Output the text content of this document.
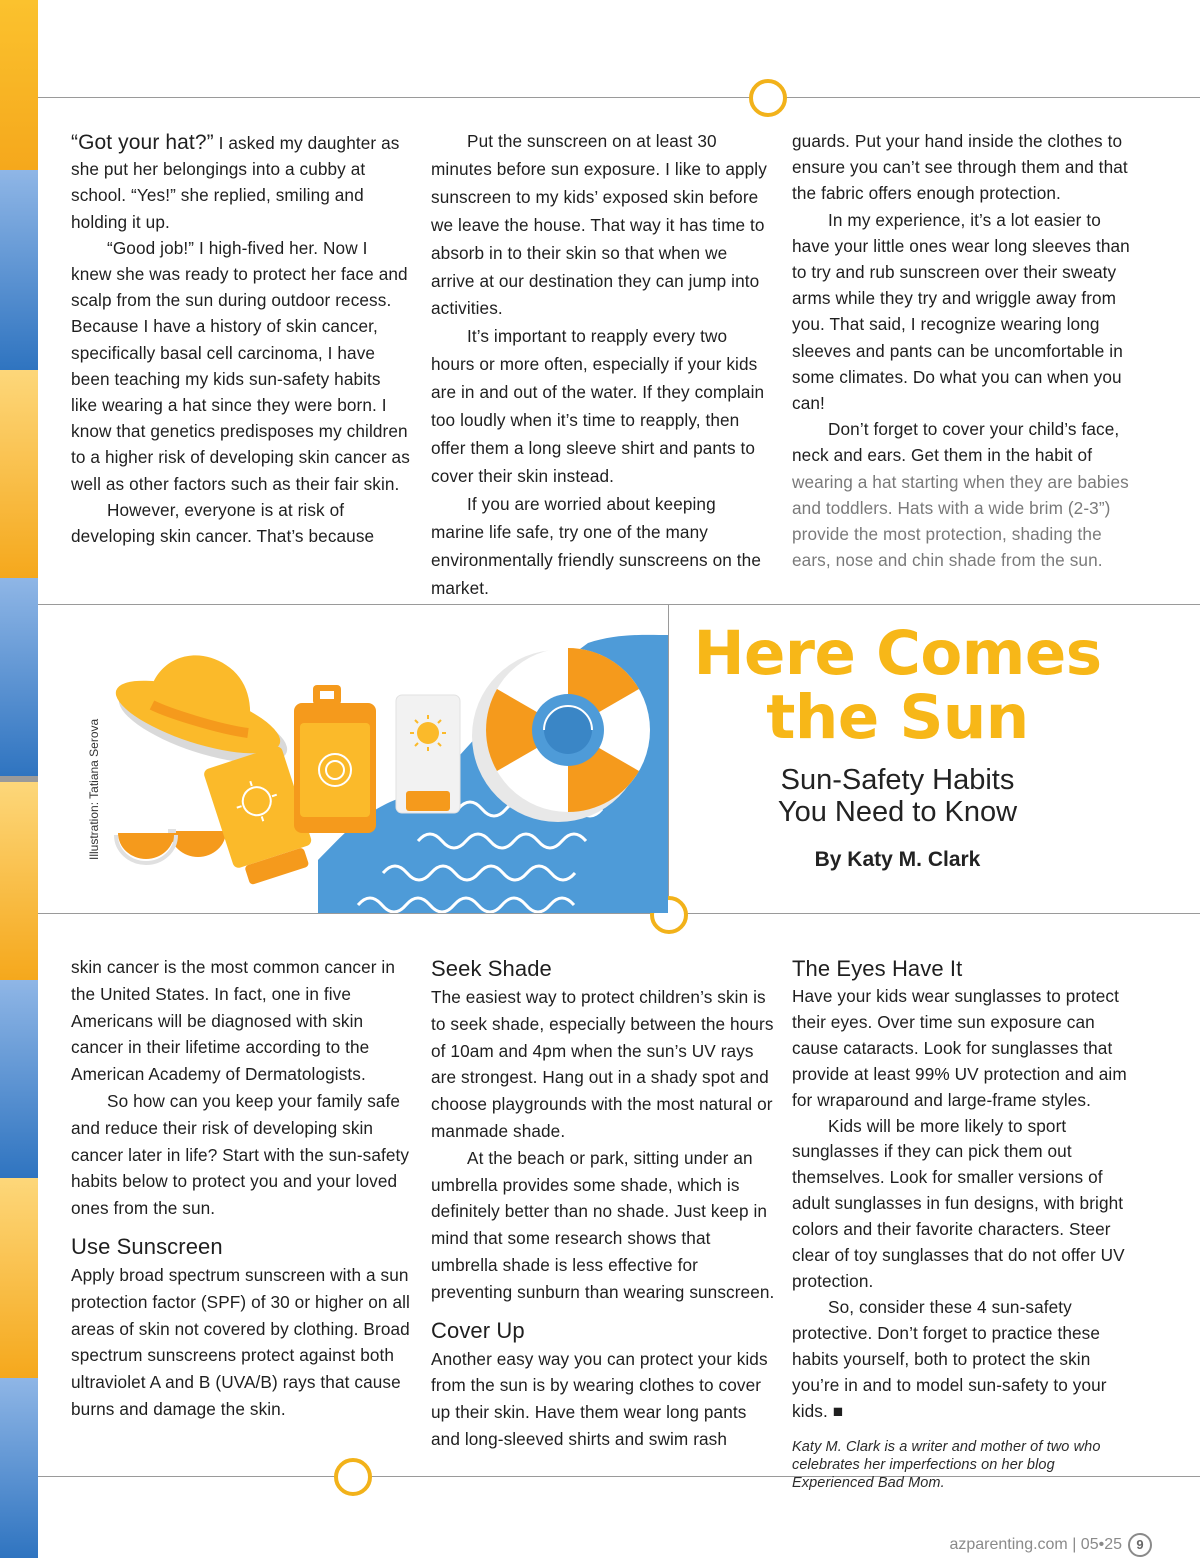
“Got your hat?” I asked my daughter as she put her belongings into a cubby at school. “Yes!” she replied, smiling and holding it up.

“Good job!” I high-fived her. Now I knew she was ready to protect her face and scalp from the sun during outdoor recess. Because I have a history of skin cancer, specifically basal cell carcinoma, I have been teaching my kids sun-safety habits like wearing a hat since they were born. I know that genetics predisposes my children to a higher risk of developing skin cancer as well as other factors such as their fair skin.

However, everyone is at risk of developing skin cancer. That’s because

Put the sunscreen on at least 30 minutes before sun exposure. I like to apply sunscreen to my kids’ exposed skin before we leave the house. That way it has time to absorb in to their skin so that when we arrive at our destination they can jump into activities.

It’s important to reapply every two hours or more often, especially if your kids are in and out of the water. If they complain too loudly when it’s time to reapply, then offer them a long sleeve shirt and pants to cover their skin instead.

If you are worried about keeping marine life safe, try one of the many environmentally friendly sunscreens on the market.

guards. Put your hand inside the clothes to ensure you can’t see through them and that the fabric offers enough protection.

In my experience, it’s a lot easier to have your little ones wear long sleeves than to try and rub sunscreen over their sweaty arms while they try and wriggle away from you. That said, I recognize wearing long sleeves and pants can be uncomfortable in some climates. Do what you can when you can!

Don’t forget to cover your child’s face, neck and ears. Get them in the habit of wearing a hat starting when they are babies and toddlers. Hats with a wide brim (2-3”) provide the most protection, shading the ears, nose and chin shade from the sun.

Illustration: Tatiana Serova
Here Comes
the Sun
Sun-Safety Habits
You Need to Know
By Katy M. Clark

skin cancer is the most common cancer in the United States. In fact, one in five Americans will be diagnosed with skin cancer in their lifetime according to the American Academy of Dermatologists.

So how can you keep your family safe and reduce their risk of developing skin cancer later in life? Start with the sun-safety habits below to protect you and your loved ones from the sun.

Use Sunscreen

Apply broad spectrum sunscreen with a sun protection factor (SPF) of 30 or higher on all areas of skin not covered by clothing. Broad spectrum sunscreens protect against both ultraviolet A and B (UVA/B) rays that cause burns and damage the skin.

Seek Shade

The easiest way to protect children’s skin is to seek shade, especially between the hours of 10am and 4pm when the sun’s UV rays are strongest. Hang out in a shady spot and choose playgrounds with the most natural or manmade shade.

At the beach or park, sitting under an umbrella provides some shade, which is definitely better than no shade. Just keep in mind that some research shows that umbrella shade is less effective for preventing sunburn than wearing sunscreen.

Cover Up

Another easy way you can protect your kids from the sun is by wearing clothes to cover up their skin. Have them wear long pants and long-sleeved shirts and swim rash

The Eyes Have It

Have your kids wear sunglasses to protect their eyes. Over time sun exposure can cause cataracts. Look for sunglasses that provide at least 99% UV protection and aim for wraparound and large-frame styles.

Kids will be more likely to sport sunglasses if they can pick them out themselves. Look for smaller versions of adult sunglasses in fun designs, with bright colors and their favorite characters. Steer clear of toy sunglasses that do not offer UV protection.

So, consider these 4 sun-safety protective. Don’t forget to practice these habits yourself, both to protect the skin you’re in and to model sun-safety to your kids. ■

Katy M. Clark is a writer and mother of two who celebrates her imperfections on her blog Experienced Bad Mom.

azparenting.com | 05•25	9
